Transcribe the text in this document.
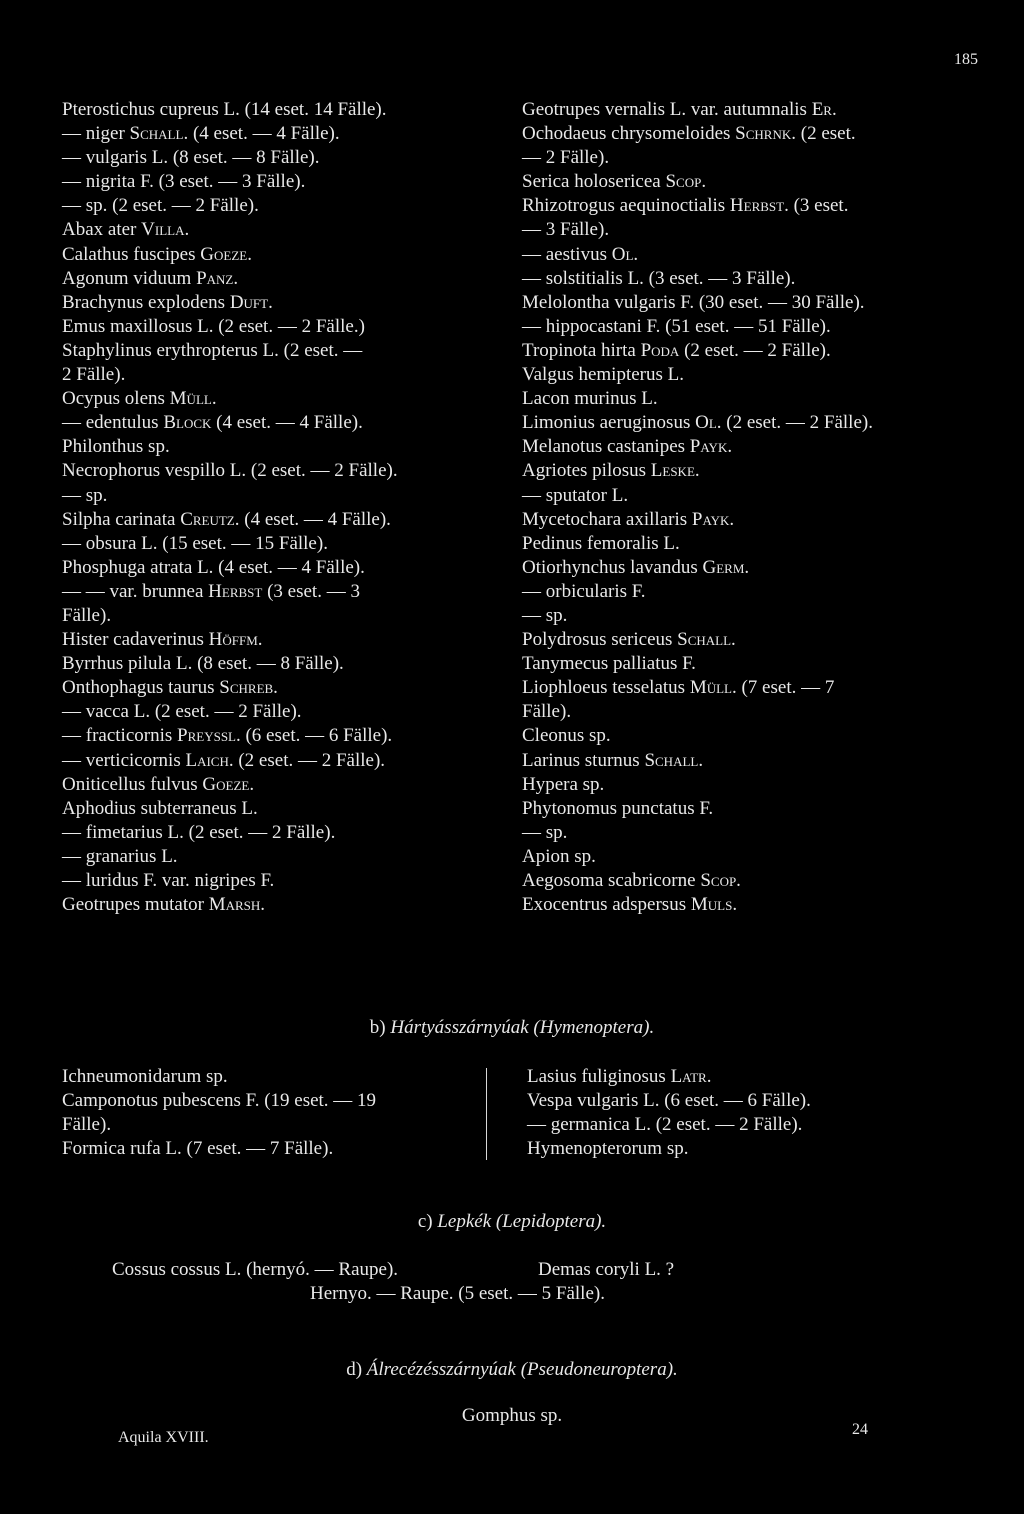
185
Pterostichus cupreus L. (14 eset. 14 Fälle).
— niger Schall. (4 eset. — 4 Fälle).
— vulgaris L. (8 eset. — 8 Fälle).
— nigrita F. (3 eset. — 3 Fälle).
— sp. (2 eset. — 2 Fälle).
Abax ater Villa.
Calathus fuscipes Goeze.
Agonum viduum Panz.
Brachynus explodens Duft.
Emus maxillosus L. (2 eset. — 2 Fälle.)
Staphylinus erythropterus L. (2 eset. —
2 Fälle).
Ocypus olens Müll.
— edentulus Block (4 eset. — 4 Fälle).
Philonthus sp.
Necrophorus vespillo L. (2 eset. — 2 Fälle).
— sp.
Silpha carinata Creutz. (4 eset. — 4 Fälle).
— obsura L. (15 eset. — 15 Fälle).
Phosphuga atrata L. (4 eset. — 4 Fälle).
— — var. brunnea Herbst (3 eset. — 3
Fälle).
Hister cadaverinus Höffm.
Byrrhus pilula L. (8 eset. — 8 Fälle).
Onthophagus taurus Schreb.
— vacca L. (2 eset. — 2 Fälle).
— fracticornis Preyssl. (6 eset. — 6 Fälle).
— verticicornis Laich. (2 eset. — 2 Fälle).
Oniticellus fulvus Goeze.
Aphodius subterraneus L.
— fimetarius L. (2 eset. — 2 Fälle).
— granarius L.
— luridus F. var. nigripes F.
Geotrupes mutator Marsh.
Geotrupes vernalis L. var. autumnalis Er.
Ochodaeus chrysomeloides Schrnk. (2 eset.
— 2 Fälle).
Serica holosericea Scop.
Rhizotrogus aequinoctialis Herbst. (3 eset.
— 3 Fälle).
— aestivus Ol.
— solstitialis L. (3 eset. — 3 Fälle).
Melolontha vulgaris F. (30 eset. — 30 Fälle).
— hippocastani F. (51 eset. — 51 Fälle).
Tropinota hirta Poda (2 eset. — 2 Fälle).
Valgus hemipterus L.
Lacon murinus L.
Limonius aeruginosus Ol. (2 eset. — 2 Fälle).
Melanotus castanipes Payk.
Agriotes pilosus Leske.
— sputator L.
Mycetochara axillaris Payk.
Pedinus femoralis L.
Otiorhynchus lavandus Germ.
— orbicularis F.
— sp.
Polydrosus sericeus Schall.
Tanymecus palliatus F.
Liophloeus tesselatus Müll. (7 eset. — 7
Fälle).
Cleonus sp.
Larinus sturnus Schall.
Hypera sp.
Phytonomus punctatus F.
— sp.
Apion sp.
Aegosoma scabricorne Scop.
Exocentrus adspersus Muls.
b) Hártyásszárnyúak (Hymenoptera).
Ichneumonidarum sp.
Camponotus pubescens F. (19 eset. — 19
Fälle).
Formica rufa L. (7 eset. — 7 Fälle).
Lasius fuliginosus Latr.
Vespa vulgaris L. (6 eset. — 6 Fälle).
— germanica L. (2 eset. — 2 Fälle).
Hymenopterorum sp.
c) Lepkék (Lepidoptera).
Cossus cossus L. (hernyó. — Raupe).	Demas coryli L. ?
Hernyo. — Raupe. (5 eset. — 5 Fälle).
d) Álrecézésszárnyúak (Pseudoneuroptera).
Gomphus sp.
Aquila XVIII.	24
